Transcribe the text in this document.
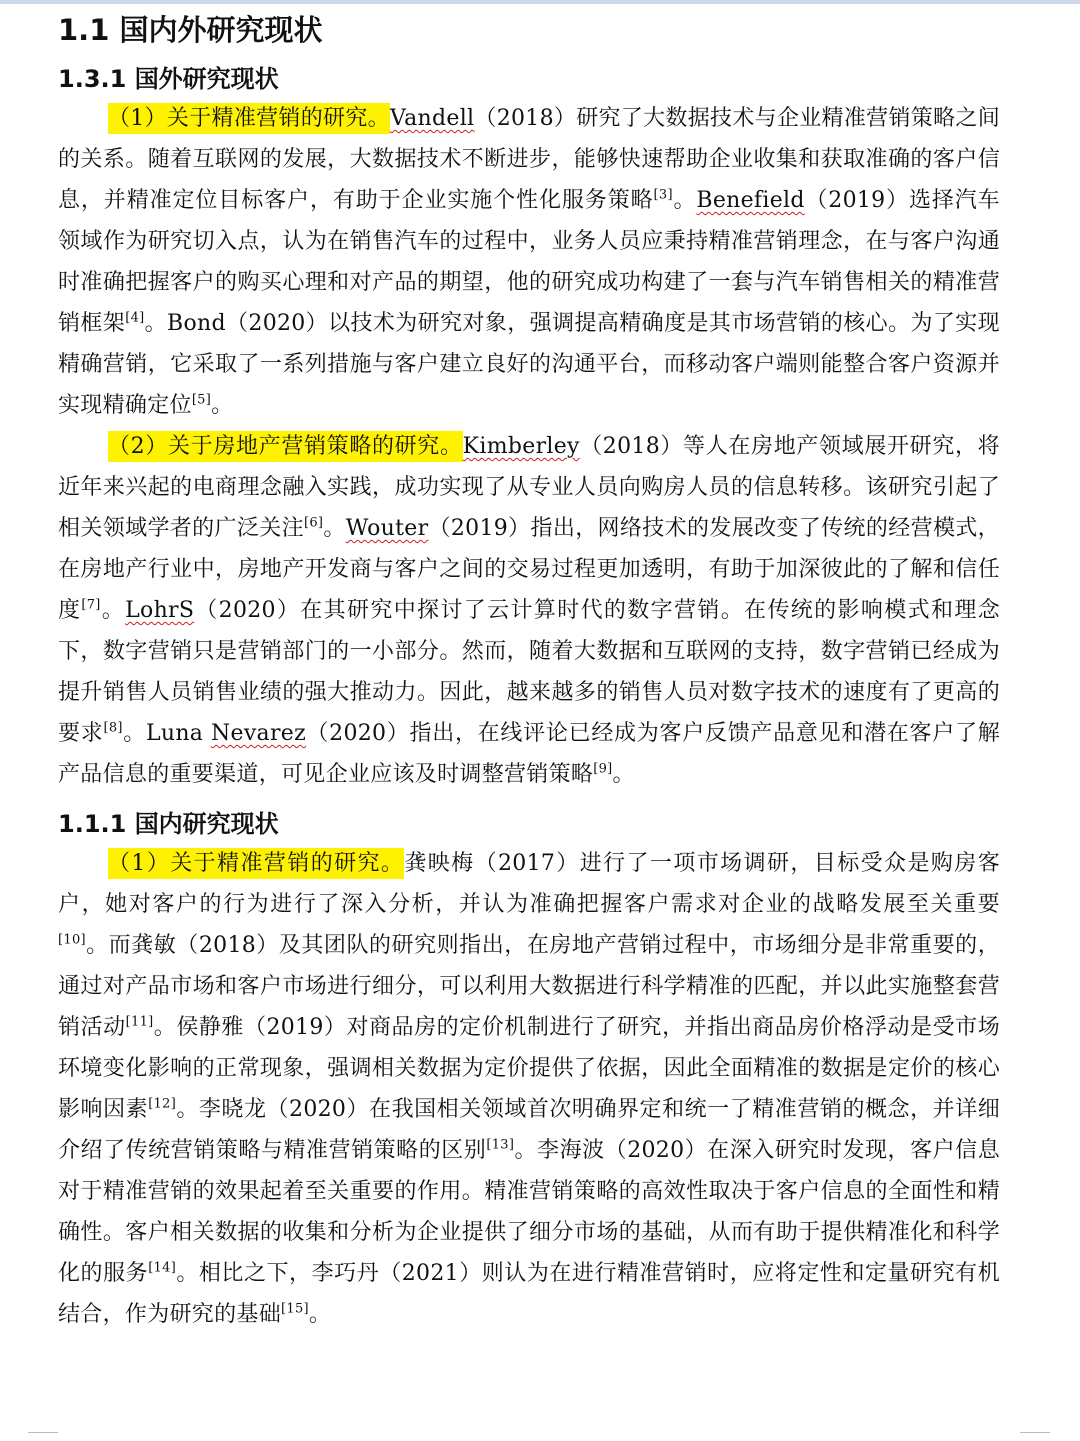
1.1 国内外研究现状
1.3.1 国外研究现状

（1）关于精准营销的研究。Vandell（2018）研究了大数据技术与企业精准营销策略之间的关系。随着互联网的发展，大数据技术不断进步，能够快速帮助企业收集和获取准确的客户信息，并精准定位目标客户，有助于企业实施个性化服务策略[3]。Benefield（2019）选择汽车领域作为研究切入点，认为在销售汽车的过程中，业务人员应秉持精准营销理念，在与客户沟通时准确把握客户的购买心理和对产品的期望，他的研究成功构建了一套与汽车销售相关的精准营销框架[4]。Bond（2020）以技术为研究对象，强调提高精确度是其市场营销的核心。为了实现精确营销，它采取了一系列措施与客户建立良好的沟通平台，而移动客户端则能整合客户资源并实现精确定位[5]。

（2）关于房地产营销策略的研究。Kimberley（2018）等人在房地产领域展开研究，将近年来兴起的电商理念融入实践，成功实现了从专业人员向购房人员的信息转移。该研究引起了相关领域学者的广泛关注[6]。Wouter（2019）指出，网络技术的发展改变了传统的经营模式，在房地产行业中，房地产开发商与客户之间的交易过程更加透明，有助于加深彼此的了解和信任度[7]。LohrS（2020）在其研究中探讨了云计算时代的数字营销。在传统的影响模式和理念下，数字营销只是营销部门的一小部分。然而，随着大数据和互联网的支持，数字营销已经成为提升销售人员销售业绩的强大推动力。因此，越来越多的销售人员对数字技术的速度有了更高的要求[8]。Luna Nevarez（2020）指出，在线评论已经成为客户反馈产品意见和潜在客户了解产品信息的重要渠道，可见企业应该及时调整营销策略[9]。

1.1.1 国内研究现状

（1）关于精准营销的研究。龚映梅（2017）进行了一项市场调研，目标受众是购房客户，她对客户的行为进行了深入分析，并认为准确把握客户需求对企业的战略发展至关重要[10]。而龚敏（2018）及其团队的研究则指出，在房地产营销过程中，市场细分是非常重要的，通过对产品市场和客户市场进行细分，可以利用大数据进行科学精准的匹配，并以此实施整套营销活动[11]。侯静雅（2019）对商品房的定价机制进行了研究，并指出商品房价格浮动是受市场环境变化影响的正常现象，强调相关数据为定价提供了依据，因此全面精准的数据是定价的核心影响因素[12]。李晓龙（2020）在我国相关领域首次明确界定和统一了精准营销的概念，并详细介绍了传统营销策略与精准营销策略的区别[13]。李海波（2020）在深入研究时发现，客户信息对于精准营销的效果起着至关重要的作用。精准营销策略的高效性取决于客户信息的全面性和精确性。客户相关数据的收集和分析为企业提供了细分市场的基础，从而有助于提供精准化和科学化的服务[14]。相比之下，李巧丹（2021）则认为在进行精准营销时，应将定性和定量研究有机结合，作为研究的基础[15]。
